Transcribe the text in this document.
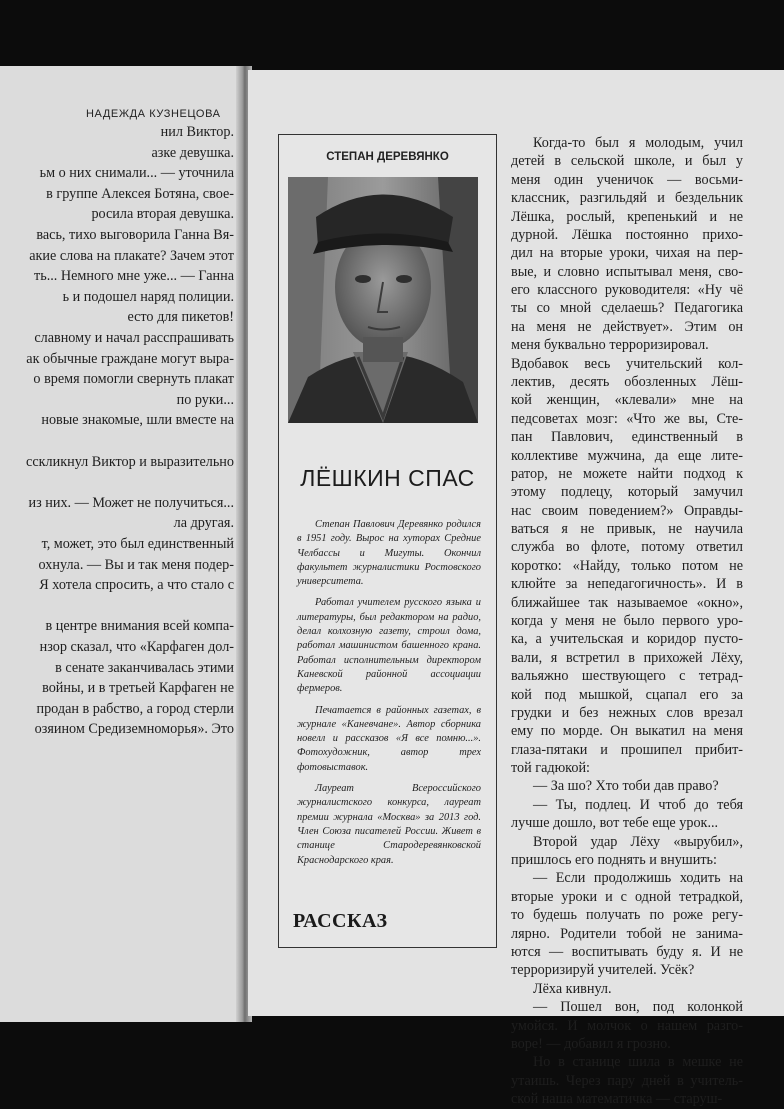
НАДЕЖДА КУЗНЕЦОВА
нил Виктор.
азке девушка.
ьм о них снимали... — уточнила
в группе Алексея Ботяна, свое-
росила вторая девушка.
вась, тихо выговорила Ганна Вя-
акие слова на плакате? Зачем этот
ть... Немного мне уже... — Ганна
ь и подошел наряд полиции.
есто для пикетов!
славному и начал расспрашивать
ак обычные граждане могут выра-
о время помогли свернуть плакат
по руки...
новые знакомые, шли вместе на
сскликнул Виктор и выразительно
из них. — Может не получиться...
ла другая.
т, может, это был единственный
охнула. — Вы и так меня подер-
Я хотела спросить, а что стало с
в центре внимания всей компа-
нзор сказал, что «Карфаген дол-
в сенате заканчивалась этими
войны, и в третьей Карфаген не
продан в рабство, а город стерли
озяином Средиземноморья». Это
СТЕПАН ДЕРЕВЯНКО
ЛЁШКИН СПАС

Степан Павлович Деревянко родился в 1951 году. Вырос на хуторах Средние Челбассы и Мигуты. Окончил факультет журналистики Ростовского университета.

Работал учителем русского языка и литературы, был редактором на радио, делал колхозную газету, строил дома, работал машинистом башенного крана. Работал исполнительным директором Каневской районной ассоциации фермеров.

Печатается в районных газетах, в журнале «Каневчане». Автор сборника новелл и рассказов «Я все помню...». Фотохудожник, автор трех фотовыставок.

Лауреат Всероссийского журналистского конкурса, лауреат премии журнала «Москва» за 2013 год. Член Союза писателей России. Живет в станице Стародеревянковской Краснодарского края.

РАССКАЗ
Когда-то был я молодым, учил
детей в сельской школе, и был у
меня один ученичок — восьми-
классник, разгильдяй и бездельник
Лёшка, рослый, крепенький и не
дурной. Лёшка постоянно прихо-
дил на вторые уроки, чихая на пер-
вые, и словно испытывал меня, сво-
его классного руководителя: «Ну чё
ты со мной сделаешь? Педагогика
на меня не действует». Этим он
меня буквально терроризировал.
Вдобавок весь учительский кол-
лектив, десять обозленных Лёш-
кой женщин, «клевали» мне на
педсоветах мозг: «Что же вы, Сте-
пан Павлович, единственный в
коллективе мужчина, да еще лите-
ратор, не можете найти подход к
этому подлецу, который замучил
нас своим поведением?» Оправды-
ваться я не привык, не научила
служба во флоте, потому ответил
коротко: «Найду, только потом не
клюйте за непедагогичность». И в
ближайшее так называемое «окно»,
когда у меня не было первого уро-
ка, а учительская и коридор пусто-
вали, я встретил в прихожей Лёху,
вальяжно шествующего с тетрад-
кой под мышкой, сцапал его за
грудки и без нежных слов врезал
ему по морде. Он выкатил на меня
глаза-пятаки и прошипел прибит-
той гадюкой:
— За шо? Хто тоби дав право?
— Ты, подлец. И чтоб до тебя
лучше дошло, вот тебе еще урок...
Второй удар Лёху «вырубил»,
пришлось его поднять и внушить:
— Если продолжишь ходить на
вторые уроки и с одной тетрадкой,
то будешь получать по роже регу-
лярно. Родители тобой не занима-
ются — воспитывать буду я. И не
терроризируй учителей. Усёк?
Лёха кивнул.
— Пошел вон, под колонкой
умойся. И молчок о нашем разго-
воре! — добавил я грозно.
Но в станице шила в мешке не
утаишь. Через пару дней в учитель-
ской наша математичка — старуш-
